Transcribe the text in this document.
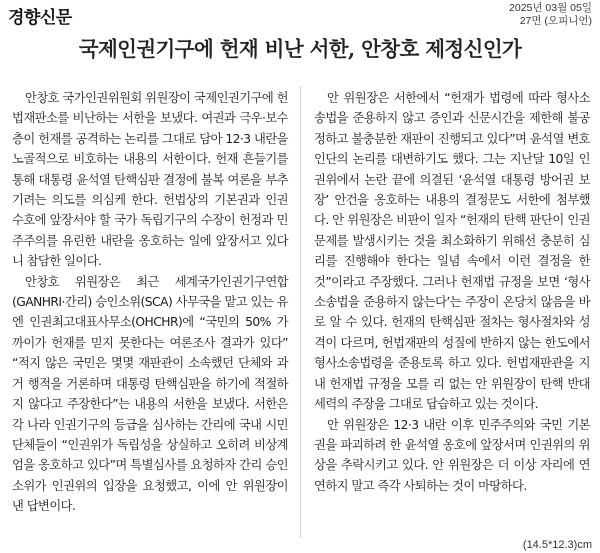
경향신문	2025년 03월 05일
27면 (오피니언)
국제인권기구에 헌재 비난 서한, 안창호 제정신인가

안창호 국가인권위원회 위원장이 국제인권기구에 헌법재판소를 비난하는 서한을 보냈다. 여권과 극우·보수층이 헌재를 공격하는 논리를 그대로 담아 12·3 내란을 노골적으로 비호하는 내용의 서한이다. 헌재 흔들기를 통해 대통령 윤석열 탄핵심판 결정에 불복 여론을 부추기려는 의도를 의심케 한다. 헌법상의 기본권과 인권 수호에 앞장서야 할 국가 독립기구의 수장이 헌정과 민주주의를 유린한 내란을 옹호하는 일에 앞장서고 있다니 참담한 일이다.

안창호 위원장은 최근 세계국가인권기구연합(GANHRI·간리) 승인소위(SCA) 사무국을 맡고 있는 유엔 인권최고대표사무소(OHCHR)에 “국민의 50% 가까이가 헌재를 믿지 못한다는 여론조사 결과가 있다” “적지 않은 국민은 몇몇 재판관이 소속했던 단체와 과거 행적을 거론하며 대통령 탄핵심판을 하기에 적절하지 않다고 주장한다”는 내용의 서한을 보냈다. 서한은 각 나라 인권기구의 등급을 심사하는 간리에 국내 시민단체들이 “인권위가 독립성을 상실하고 오히려 비상계엄을 옹호하고 있다”며 특별심사를 요청하자 간리 승인소위가 인권위의 입장을 요청했고, 이에 안 위원장이 낸 답변이다.

안 위원장은 서한에서 “헌재가 법령에 따라 형사소송법을 준용하지 않고 증인과 신문시간을 제한해 불공정하고 불충분한 재판이 진행되고 있다”며 윤석열 변호인단의 논리를 대변하기도 했다. 그는 지난달 10일 인권위에서 논란 끝에 의결된 ‘윤석열 대통령 방어권 보장’ 안건을 옹호하는 내용의 결정문도 서한에 첨부했다. 안 위원장은 비판이 일자 “헌재의 탄핵 판단이 인권 문제를 발생시키는 것을 최소화하기 위해선 충분히 심리를 진행해야 한다는 일념 속에서 이런 결정을 한 것”이라고 주장했다. 그러나 헌재법 규정을 보면 ‘형사소송법을 준용하지 않는다’는 주장이 온당치 않음을 바로 알 수 있다. 헌재의 탄핵심판 절차는 형사절차와 성격이 다르며, 헌법재판의 성질에 반하지 않는 한도에서 형사소송법령을 준용토록 하고 있다. 헌법재판관을 지내 헌재법 규정을 모를 리 없는 안 위원장이 탄핵 반대 세력의 주장을 그대로 답습하고 있는 것이다.

안 위원장은 12·3 내란 이후 민주주의와 국민 기본권을 파괴하려 한 윤석열 옹호에 앞장서며 인권위의 위상을 추락시키고 있다. 안 위원장은 더 이상 자리에 연연하지 말고 즉각 사퇴하는 것이 마땅하다.

(14.5*12.3)cm
